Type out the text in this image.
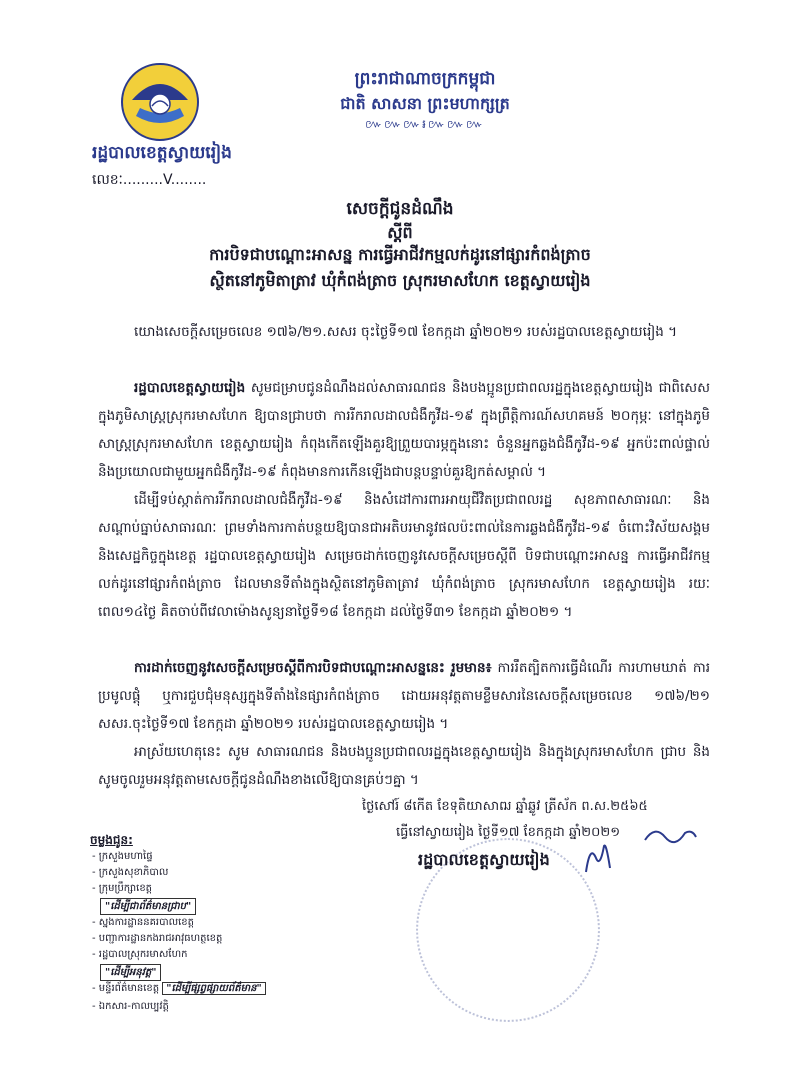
ព្រះរាជាណាចក្រកម្ពុជា
ជាតិ សាសនា ព្រះមហាក្សត្រ
៚៚៚៛៚៚៚
រដ្ឋបាលខេត្តស្វាយរៀង
លេខៈ.........V........
សេចក្តីជូនដំណឹង
ស្តីពី
ការបិទជាបណ្តោះអាសន្ន ការធ្វើអាជីវកម្មលក់ដូរនៅផ្សារកំពង់ត្រាច
ស្ថិតនៅភូមិតាត្រាវ ឃុំកំពង់ត្រាច ស្រុករមាសហែក ខេត្តស្វាយរៀង
យោងសេចក្តីសម្រេចលេខ ១៧៦/២១.សសរ ចុះថ្ងៃទី១៧ ខែកក្កដា ឆ្នាំ២០២១ របស់រដ្ឋបាលខេត្តស្វាយរៀង ។
រដ្ឋបាលខេត្តស្វាយរៀង សូមជម្រាបជូនដំណឹងដល់សាធារណជន និងបងប្អូនប្រជាពលរដ្ឋក្នុងខេត្តស្វាយរៀង ជាពិសេសក្នុងភូមិសាស្រ្តស្រុករមាសហែក ឱ្យបានជ្រាបថា ការរីករាលដាលជំងឺកូវីដ-១៩ ក្នុងព្រឹត្តិការណ៍សហគមន៍ ២០កុម្ភៈ នៅក្នុងភូមិសាស្រ្តស្រុករមាសហែក ខេត្តស្វាយរៀង កំពុងកើតឡើងគួរឱ្យព្រួយបារម្ភក្នុងនោះ ចំនួនអ្នកឆ្លងជំងឺកូវីដ-១៩ អ្នកប៉ះពាល់ផ្ទាល់ និងប្រយោលជាមួយអ្នកជំងឺកូវីដ-១៩ កំពុងមានការកើនឡើងជាបន្តបន្ទាប់គួរឱ្យកត់សម្គាល់ ។
ដើម្បីទប់ស្កាត់ការរីករាលដាលជំងឺកូវីដ-១៩ និងសំដៅការពារអាយុជីវិតប្រជាពលរដ្ឋ សុខភាពសាធារណៈ និងសណ្តាប់ធ្នាប់សាធារណៈ ព្រមទាំងការកាត់បន្ថយឱ្យបានជាអតិបរមានូវផលប៉ះពាល់នៃការឆ្លងជំងឺកូវីដ-១៩ ចំពោះវិស័យសង្គម និងសេដ្ឋកិច្ចក្នុងខេត្ត រដ្ឋបាលខេត្តស្វាយរៀង សម្រេចដាក់ចេញនូវសេចក្តីសម្រេចស្តីពី បិទជាបណ្តោះអាសន្ន ការធ្វើអាជីវកម្មលក់ដូរនៅផ្សារកំពង់ត្រាច ដែលមានទីតាំងក្នុងស្ថិតនៅភូមិតាត្រាវ ឃុំកំពង់ត្រាច ស្រុករមាសហែក ខេត្តស្វាយរៀង រយៈពេល១៤ថ្ងៃ គិតចាប់ពីវេលាម៉ោងសូន្យនាថ្ងៃទី១៨ ខែកក្កដា ដល់ថ្ងៃទី៣១ ខែកក្កដា ឆ្នាំ២០២១ ។
ការដាក់ចេញនូវសេចក្តីសម្រេចស្តីពីការបិទជាបណ្តោះអាសន្ននេះ រួមមាន៖ ការរឹតត្បិតការធ្វើដំណើរ ការហាមឃាត់ ការប្រមូលផ្តុំ ឬការជួបជុំមនុស្សក្នុងទីតាំងនៃផ្សារកំពង់ត្រាច ដោយអនុវត្តតាមខ្លឹមសារនៃសេចក្តីសម្រេចលេខ ១៧៦/២១ សសរ.ចុះថ្ងៃទី១៧ ខែកក្កដា ឆ្នាំ២០២១ របស់រដ្ឋបាលខេត្តស្វាយរៀង ។
អាស្រ័យហេតុនេះ សូម សាធារណជន និងបងប្អូនប្រជាពលរដ្ឋក្នុងខេត្តស្វាយរៀង និងក្នុងស្រុករមាសហែក ជ្រាប និងសូមចូលរួមអនុវត្តតាមសេចក្តីជូនដំណឹងខាងលើឱ្យបានគ្រប់ៗគ្នា ។
ថ្ងៃសៅរ៍ ៨កើត ខែទុតិយាសាឍ ឆ្នាំឆ្លូវ ត្រីស័ក ព.ស.២៥៦៥
ធ្វើនៅស្វាយរៀង ថ្ងៃទី១៧ ខែកក្កដា ឆ្នាំ២០២១
រដ្ឋបាលខេត្តស្វាយរៀង
ចម្លងជូន:
- ក្រសួងមហាផ្ទៃ
- ក្រសួងសុខាភិបាល
- ក្រុមប្រឹក្សាខេត្ត
"ដើម្បីជាព័ត៌មានជ្រាប"
- ស្នងការដ្ឋាននគរបាលខេត្ត
- បញ្ជាការដ្ឋានកងរាជអាវុធហត្ថខេត្ត
- រដ្ឋបាលស្រុករមាសហែក
"ដើម្បីអនុវត្ត"
- មន្ទីរព័ត៌មានខេត្ត "ដើម្បីផ្សព្វផ្សាយព័ត៌មាន"
- ឯកសារ-កាលប្បវត្តិ
